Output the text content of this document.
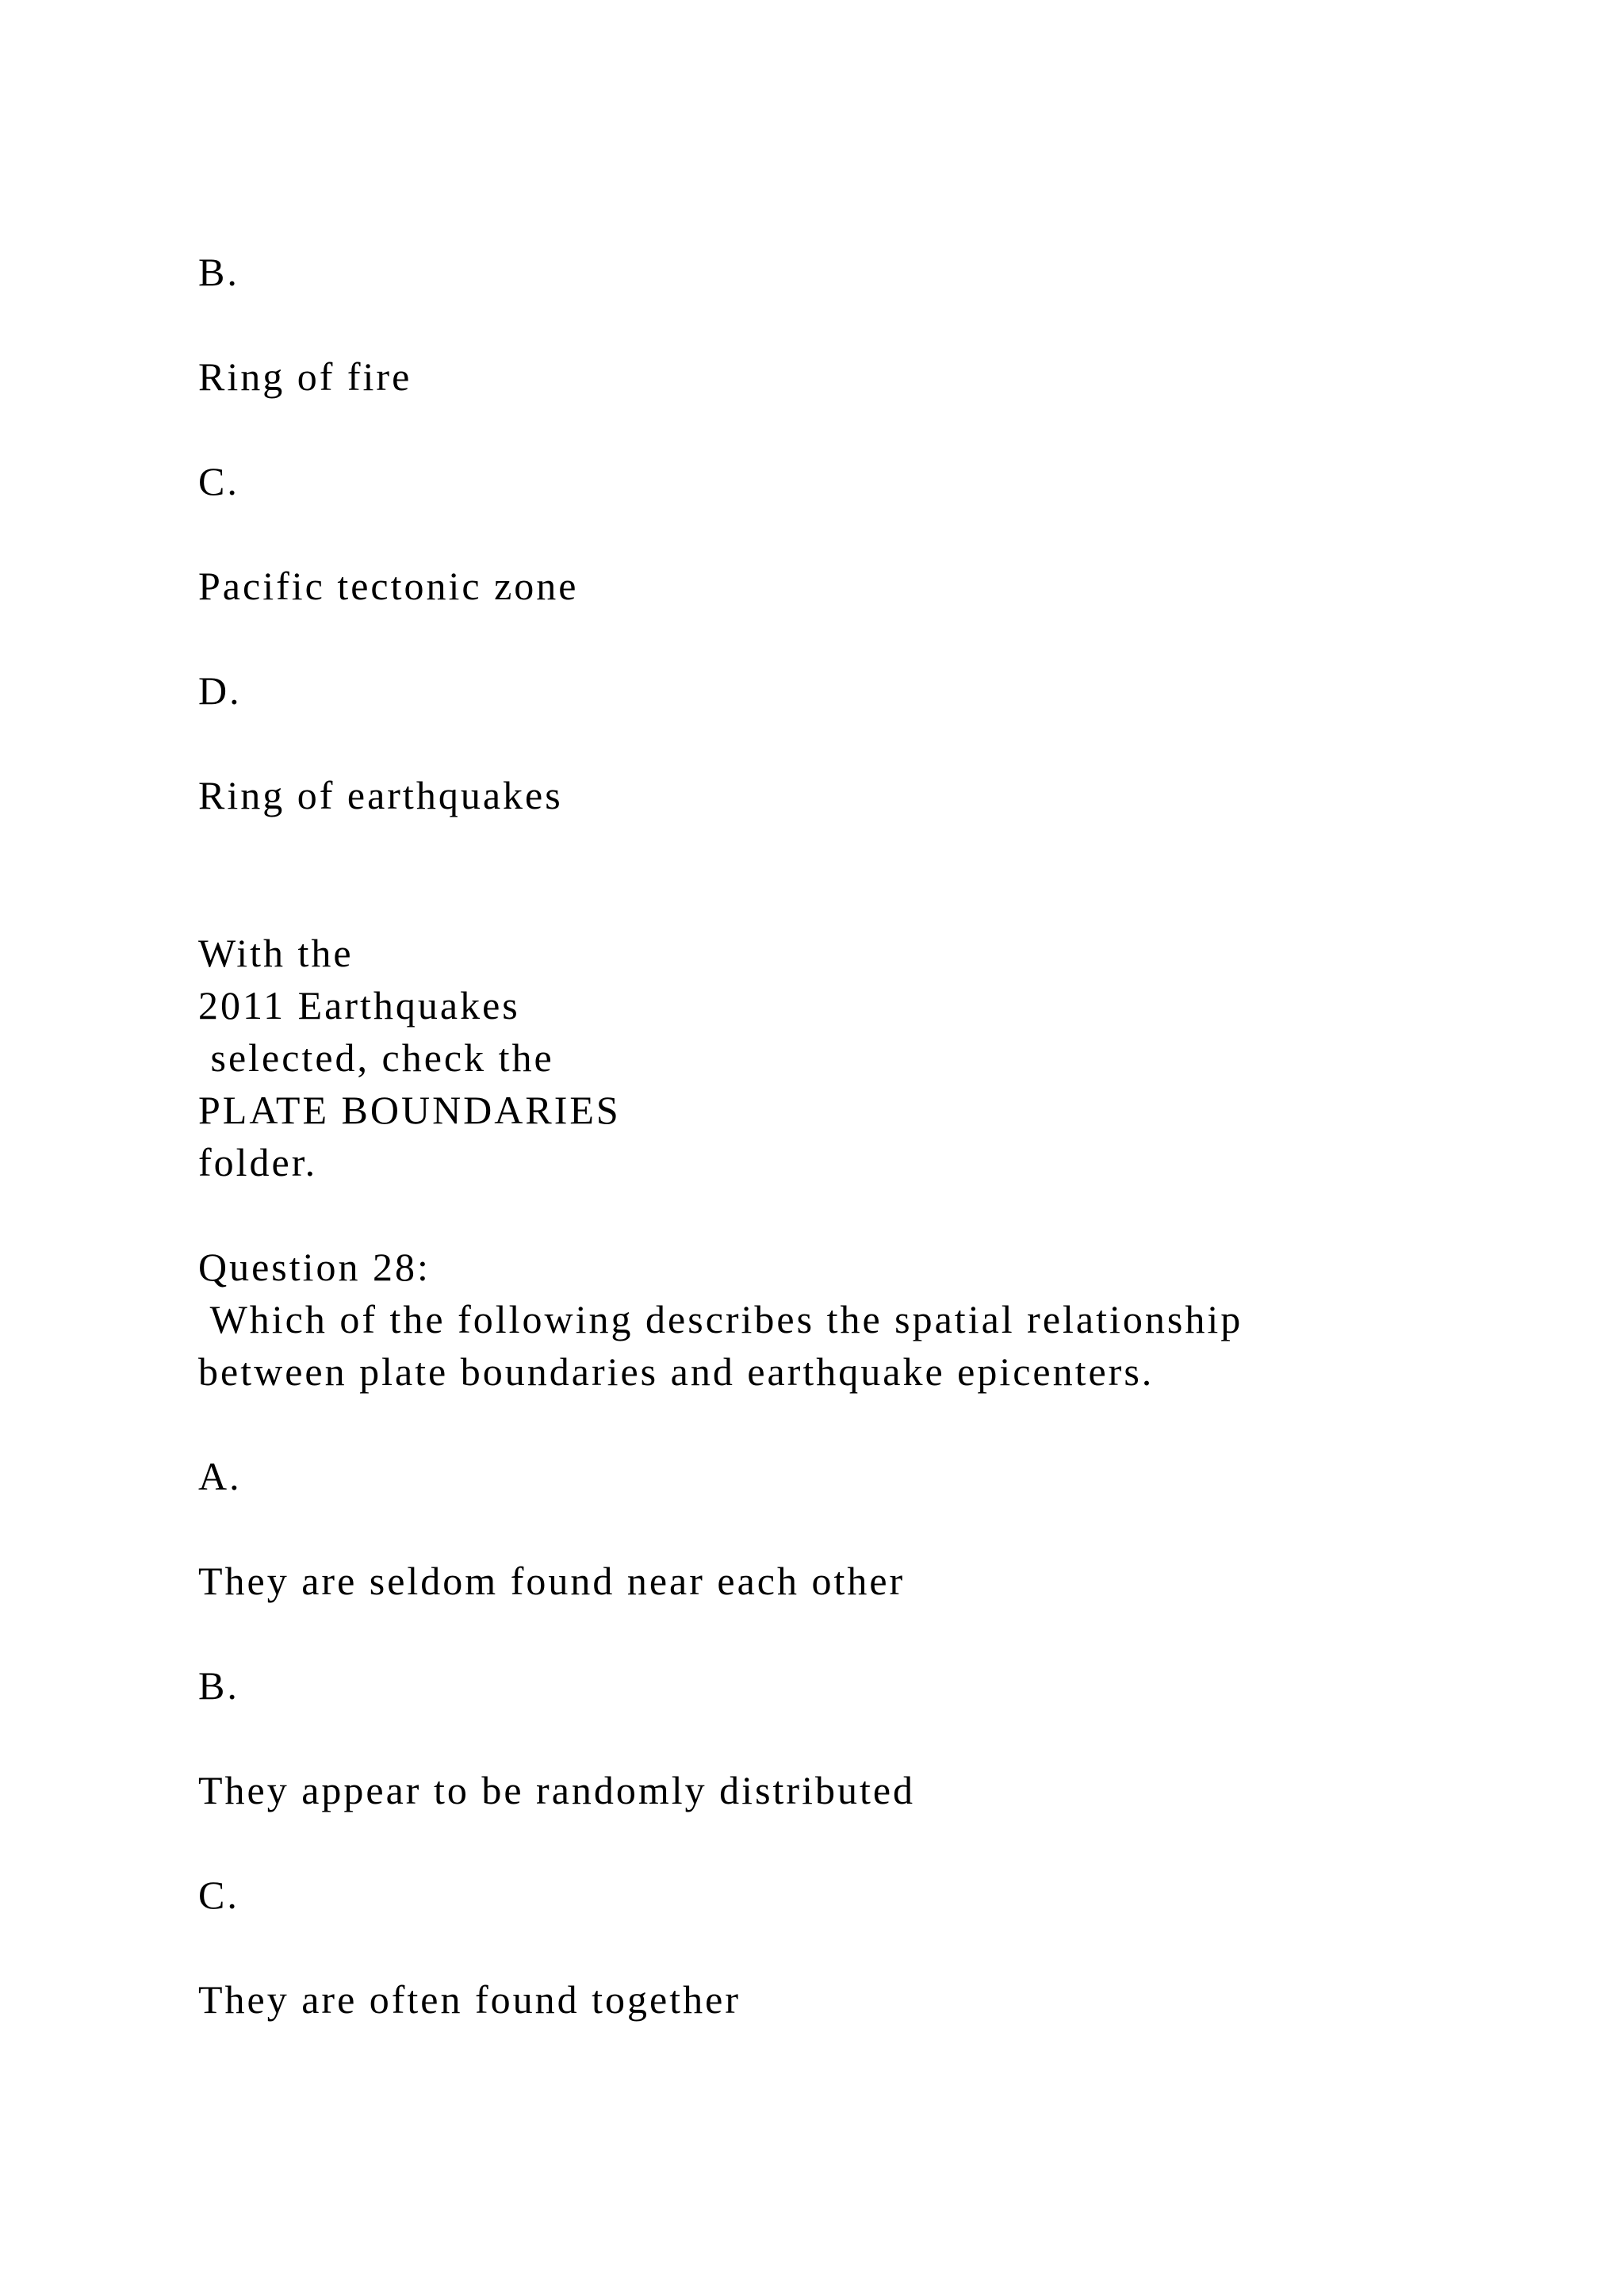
B.

Ring of fire

C.

Pacific tectonic zone

D.

Ring of earthquakes

With the

2011 Earthquakes

selected, check the

PLATE BOUNDARIES

folder.

Question 28:

Which of the following describes the spatial relationship

between plate boundaries and earthquake epicenters.

A.

They are seldom found near each other

B.

They appear to be randomly distributed

C.

They are often found together
